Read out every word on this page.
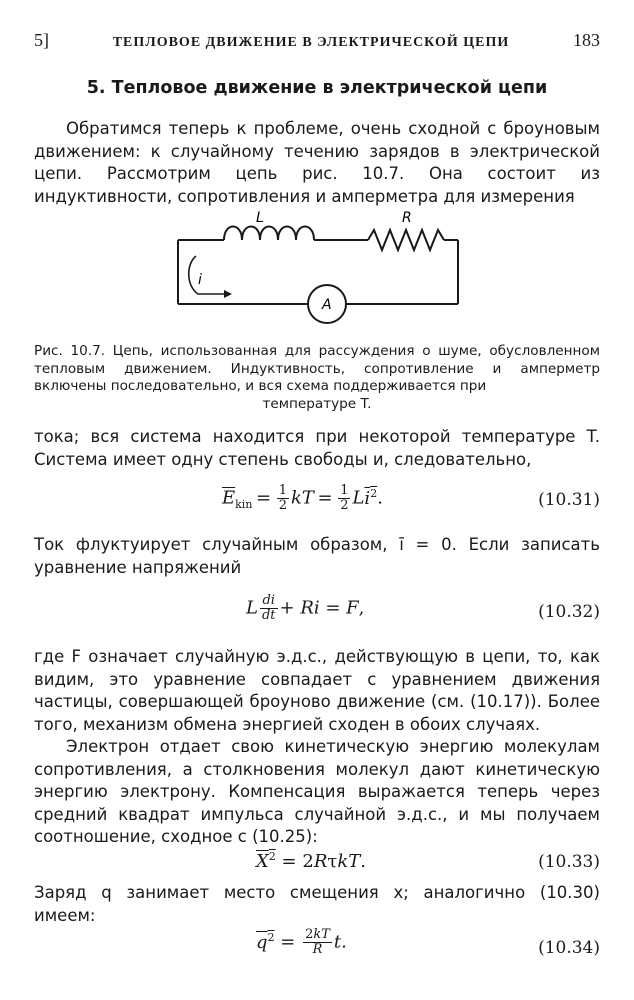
5]	ТЕПЛОВОЕ ДВИЖЕНИЕ В ЭЛЕКТРИЧЕСКОЙ ЦЕПИ	183
5. Тепловое движение в электрической цепи
Обратимся теперь к проблеме, очень сходной с броуновым движением: к случайному течению зарядов в электрической цепи. Рассмотрим цепь рис. 10.7. Она состоит из индуктивности, сопротивления и амперметра для измерения
L	R
i
A
Рис. 10.7. Цепь, использованная для рассуждения о шуме, обусловленном тепловым движением. Индуктивность, сопротивление и амперметр включены последовательно, и вся схема поддерживается при
температуре T.
тока; вся система находится при некоторой температуре T. Система имеет одну степень свободы и, следовательно,
$\overline{E}_{kin} = \frac{1}{2}$ kT =  $\frac{1}{2} Li^2$.	(10.31)
Ток флуктуирует случайным образом, ī = 0. Если записать уравнение напряжений
L $\frac{di}{dt} + Ri = F$,	(10.32)
где F означает случайную э.д.с., действующую в цепи, то, как видим, это уравнение совпадает с уравнением движения частицы, совершающей броуново движение (см. (10.17)). Более того, механизм обмена энергией сходен в обоих случаях.
Электрон отдает свою кинетическую энергию молекулам сопротивления, а столкновения молекул дают кинетическую энергию электрону. Компенсация выражается теперь через средний квадрат импульса случайной э.д.с., и мы получаем соотношение, сходное с (10.25):
$X^2 = 2R\tau kT$.	(10.33)
Заряд q занимает место смещения x; аналогично (10.30) имеем:
$q^2 = \frac{2kT}{R} t$.	(10.34)
